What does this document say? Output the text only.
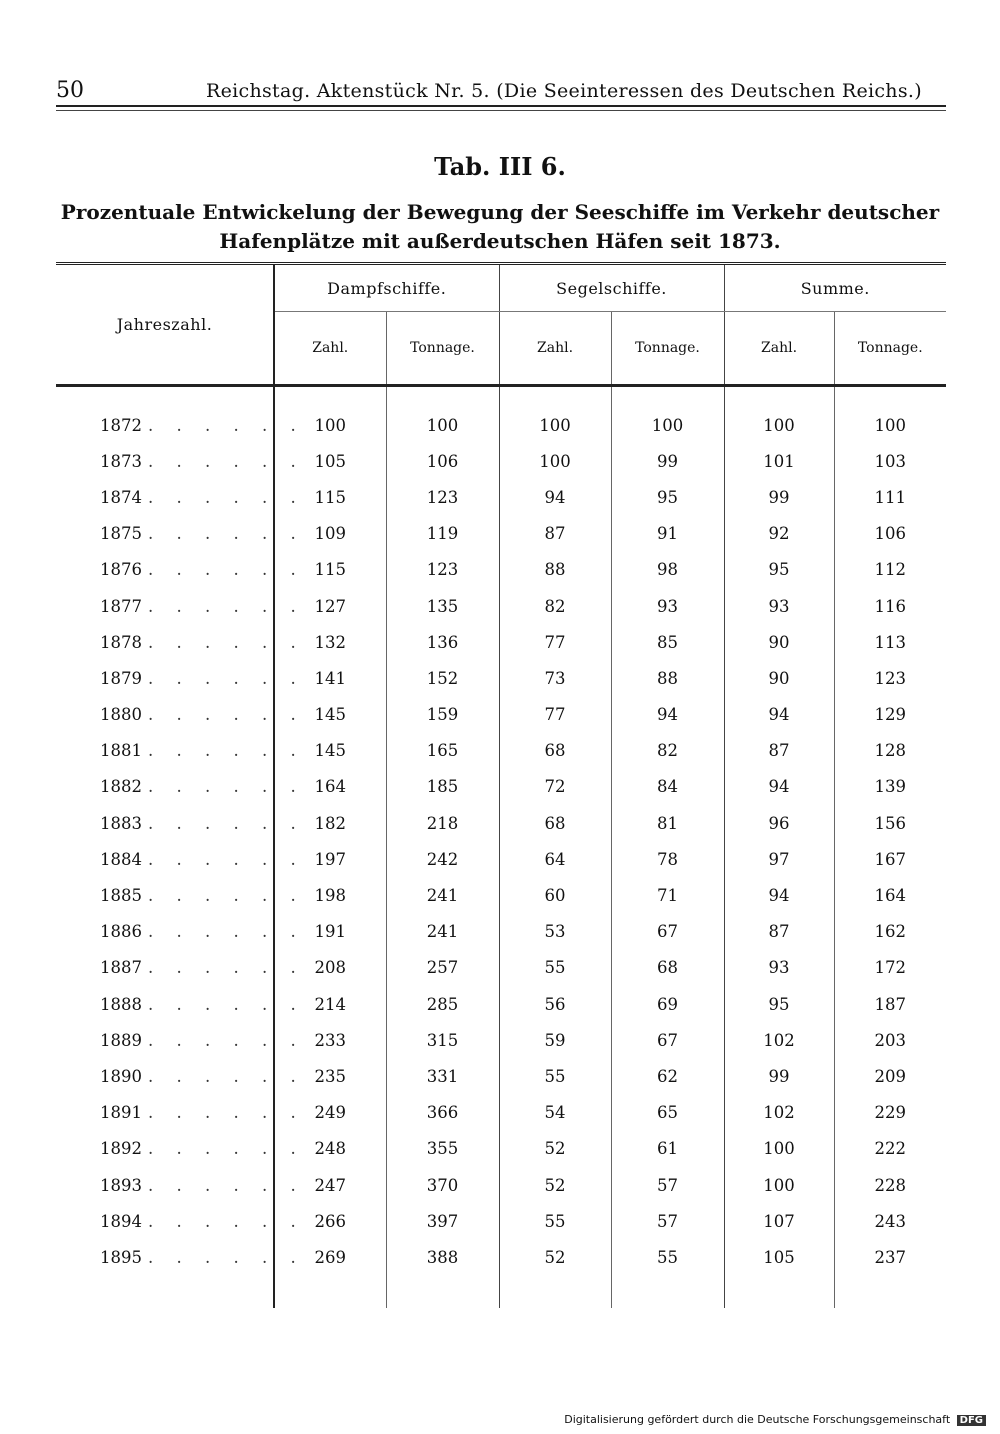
50	Reichstag. Aktenstück Nr. 5. (Die Seeinteressen des Deutschen Reichs.)
Tab. III 6.
Prozentuale Entwickelung der Bewegung der Seeschiffe im Verkehr deutscher Hafenplätze mit außerdeutschen Häfen seit 1873.
Jahreszahl.	Dampfschiffe.		Segelschiffe.		Summe.	
	Zahl.	Tonnage.	Zahl.	Tonnage.	Zahl.	Tonnage.

1872 . . . . . .	100	100	100	100	100	100
1873 . . . . . .	105	106	100	99	101	103
1874 . . . . . .	115	123	94	95	99	111
1875 . . . . . .	109	119	87	91	92	106
1876 . . . . . .	115	123	88	98	95	112
1877 . . . . . .	127	135	82	93	93	116
1878 . . . . . .	132	136	77	85	90	113
1879 . . . . . .	141	152	73	88	90	123
1880 . . . . . .	145	159	77	94	94	129
1881 . . . . . .	145	165	68	82	87	128
1882 . . . . . .	164	185	72	84	94	139
1883 . . . . . .	182	218	68	81	96	156
1884 . . . . . .	197	242	64	78	97	167
1885 . . . . . .	198	241	60	71	94	164
1886 . . . . . .	191	241	53	67	87	162
1887 . . . . . .	208	257	55	68	93	172
1888 . . . . . .	214	285	56	69	95	187
1889 . . . . . .	233	315	59	67	102	203
1890 . . . . . .	235	331	55	62	99	209
1891 . . . . . .	249	366	54	65	102	229
1892 . . . . . .	248	355	52	61	100	222
1893 . . . . . .	247	370	52	57	100	228
1894 . . . . . .	266	397	55	57	107	243
1895 . . . . . .	269	388	52	55	105	237

Digitalisierung gefördert durch die Deutsche Forschungsgemeinschaft DFG
